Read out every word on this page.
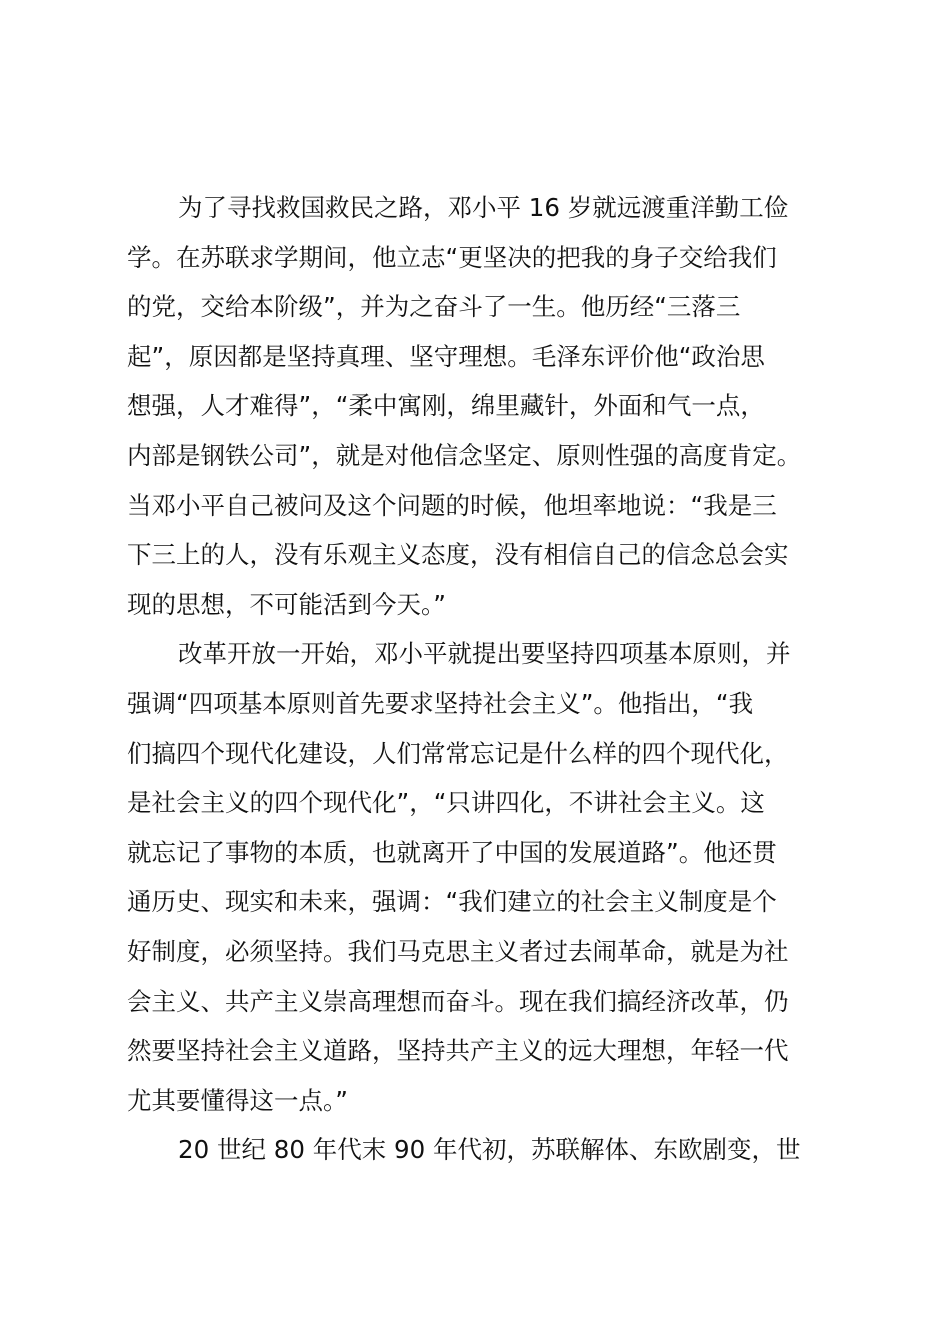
为了寻找救国救民之路，邓小平 16 岁就远渡重洋勤工俭
学。在苏联求学期间，他立志“更坚决的把我的身子交给我们
的党，交给本阶级”，并为之奋斗了一生。他历经“三落三
起”，原因都是坚持真理、坚守理想。毛泽东评价他“政治思
想强，人才难得”，“柔中寓刚，绵里藏针，外面和气一点，
内部是钢铁公司”，就是对他信念坚定、原则性强的高度肯定。
当邓小平自己被问及这个问题的时候，他坦率地说：“我是三
下三上的人，没有乐观主义态度，没有相信自己的信念总会实
现的思想，不可能活到今天。”

改革开放一开始，邓小平就提出要坚持四项基本原则，并
强调“四项基本原则首先要求坚持社会主义”。他指出，“我
们搞四个现代化建设，人们常常忘记是什么样的四个现代化，
是社会主义的四个现代化”，“只讲四化，不讲社会主义。这
就忘记了事物的本质，也就离开了中国的发展道路”。他还贯
通历史、现实和未来，强调：“我们建立的社会主义制度是个
好制度，必须坚持。我们马克思主义者过去闹革命，就是为社
会主义、共产主义崇高理想而奋斗。现在我们搞经济改革，仍
然要坚持社会主义道路，坚持共产主义的远大理想，年轻一代
尤其要懂得这一点。”

20 世纪 80 年代末 90 年代初，苏联解体、东欧剧变，世
